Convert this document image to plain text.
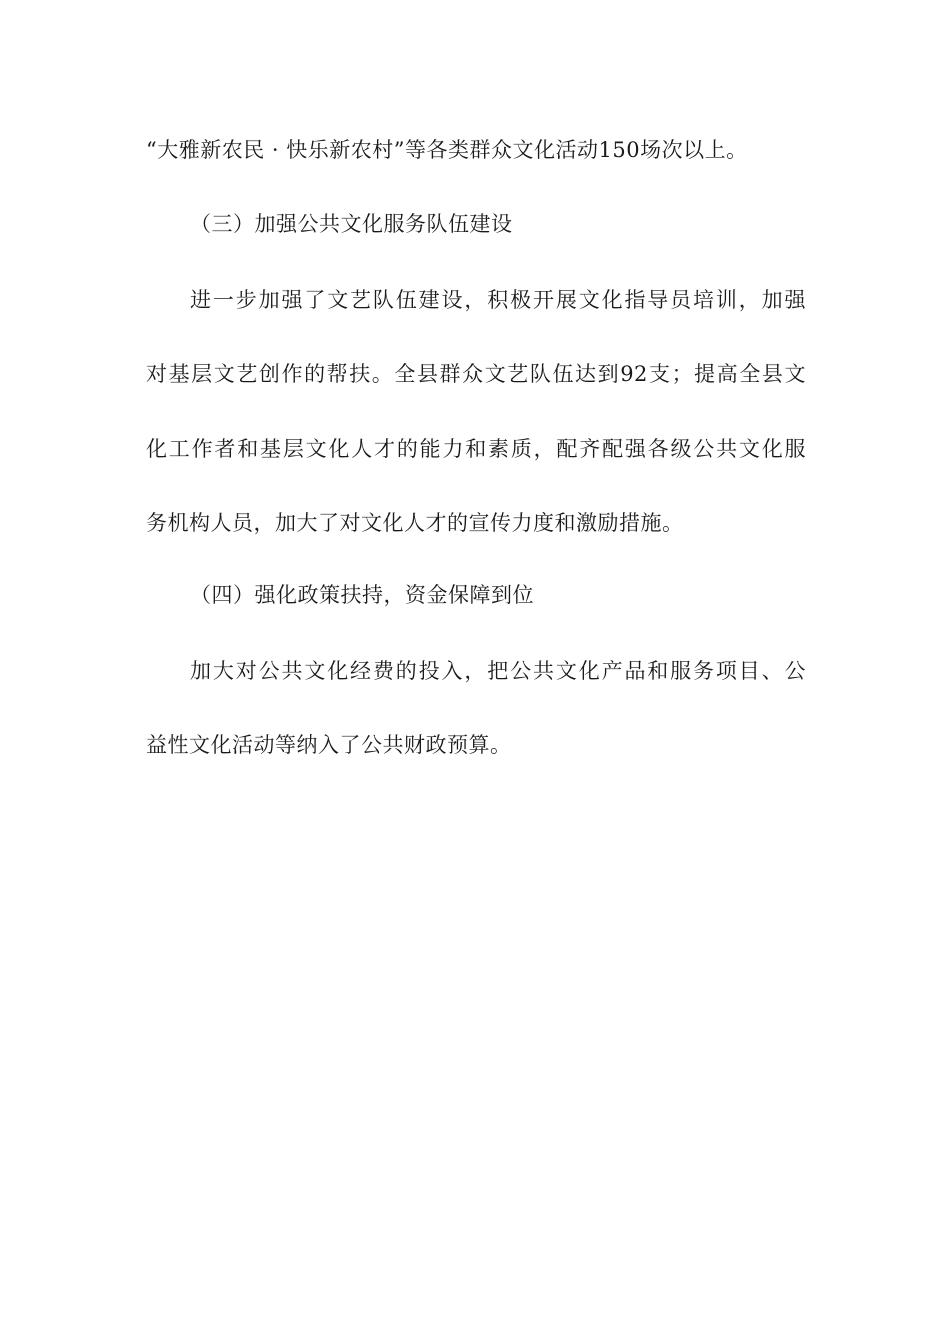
“大雅新农民 · 快乐新农村”等各类群众文化活动150场次以上。
（三）加强公共文化服务队伍建设
进一步加强了文艺队伍建设，积极开展文化指导员培训，加强
对基层文艺创作的帮扶。全县群众文艺队伍达到92支；提高全县文
化工作者和基层文化人才的能力和素质，配齐配强各级公共文化服
务机构人员，加大了对文化人才的宣传力度和激励措施。
（四）强化政策扶持，资金保障到位
加大对公共文化经费的投入，把公共文化产品和服务项目、公
益性文化活动等纳入了公共财政预算。
